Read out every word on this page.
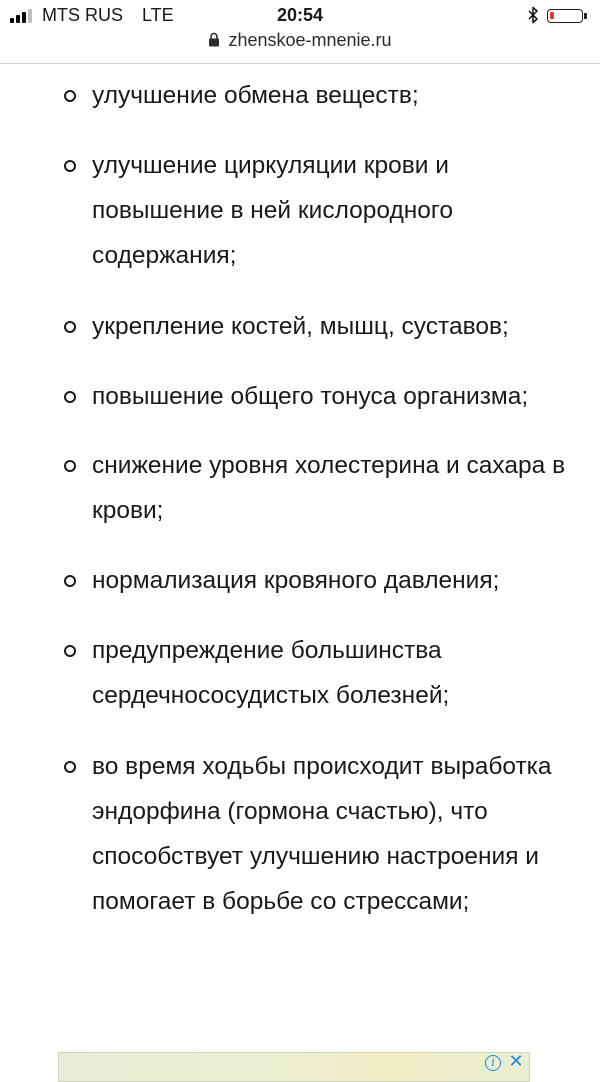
MTS RUS LTE	20:54
zhenskoe-mnenie.ru
улучшение обмена веществ;
улучшение циркуляции крови и повышение в ней кислородного содержания;
укрепление костей, мышц, суставов;
повышение общего тонуса организма;
снижение уровня холестерина и сахара в крови;
нормализация кровяного давления;
предупреждение большинства сердечнососудистых болезней;
во время ходьбы происходит выработка эндорфина (гормона счастью), что способствует улучшению настроения и помогает в борьбе со стрессами;
i ✕
